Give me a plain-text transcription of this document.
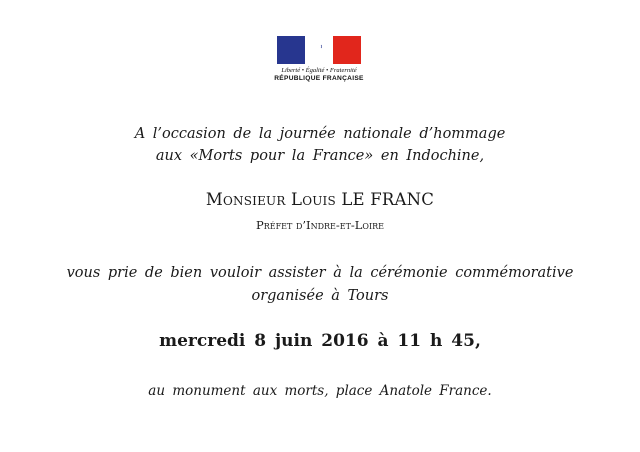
Liberté • Égalité • Fraternité
RÉPUBLIQUE FRANÇAISE
A l’occasion de la journée nationale d’hommage
aux «Morts pour la France» en Indochine,
Monsieur Louis LE FRANC
Préfet d’Indre-et-Loire
vous prie de bien vouloir assister à la cérémonie commémorative
organisée à Tours
mercredi 8 juin 2016 à 11 h 45,
au monument aux morts, place Anatole France.
